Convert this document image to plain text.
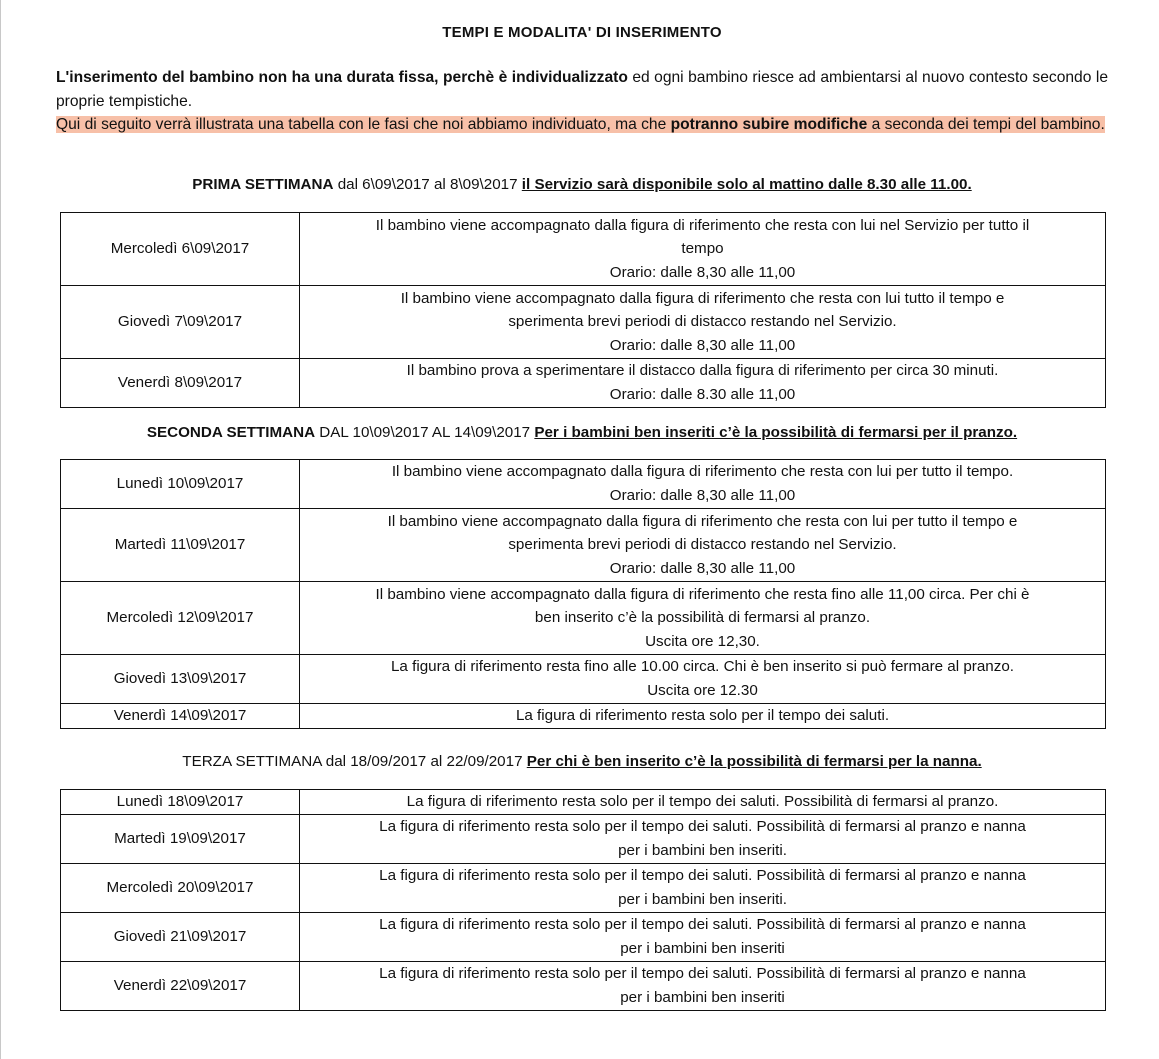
TEMPI E MODALITA' DI INSERIMENTO

L'inserimento del bambino non ha una durata fissa, perchè è individualizzato ed ogni bambino riesce ad ambientarsi al nuovo contesto secondo le proprie tempistiche.

Qui di seguito verrà illustrata una tabella con le fasi che noi abbiamo individuato, ma che potranno subire modifiche a seconda dei tempi del bambino.

PRIMA SETTIMANA dal 6\09\2017 al 8\09\2017 il Servizio sarà disponibile solo al mattino dalle 8.30 alle 11.00.
Mercoledì 6\09\2017	Il bambino viene accompagnato dalla figura di riferimento che resta con lui nel Servizio per tutto il
tempo
Orario: dalle 8,30 alle 11,00

Giovedì 7\09\2017	Il bambino viene accompagnato dalla figura di riferimento che resta con lui tutto il tempo e
sperimenta brevi periodi di distacco restando nel Servizio.
Orario: dalle 8,30 alle 11,00

Venerdì 8\09\2017	Il bambino prova a sperimentare il distacco dalla figura di riferimento per circa 30 minuti.
Orario: dalle 8.30 alle 11,00
SECONDA SETTIMANA DAL 10\09\2017 AL 14\09\2017 Per i bambini ben inseriti c’è la possibilità di fermarsi per il pranzo.
Lunedì 10\09\2017	Il bambino viene accompagnato dalla figura di riferimento che resta con lui per tutto il tempo.
Orario: dalle 8,30 alle 11,00

Martedì 11\09\2017	Il bambino viene accompagnato dalla figura di riferimento che resta con lui per tutto il tempo e
sperimenta brevi periodi di distacco restando nel Servizio.
Orario: dalle 8,30 alle 11,00

Mercoledì 12\09\2017	Il bambino viene accompagnato dalla figura di riferimento che resta fino alle 11,00 circa. Per chi è
ben inserito c’è la possibilità di fermarsi al pranzo.
Uscita ore 12,30.

Giovedì 13\09\2017	La figura di riferimento resta fino alle 10.00 circa. Chi è ben inserito si può fermare al pranzo.
Uscita ore 12.30

Venerdì 14\09\2017	La figura di riferimento resta solo per il tempo dei saluti.
TERZA SETTIMANA dal 18/09/2017 al 22/09/2017 Per chi è ben inserito c’è la possibilità di fermarsi per la nanna.
Lunedì 18\09\2017	La figura di riferimento resta solo per il tempo dei saluti. Possibilità di fermarsi al pranzo.

Martedì 19\09\2017	La figura di riferimento resta solo per il tempo dei saluti. Possibilità di fermarsi al pranzo e nanna
per i bambini ben inseriti.

Mercoledì 20\09\2017	La figura di riferimento resta solo per il tempo dei saluti. Possibilità di fermarsi al pranzo e nanna
per i bambini ben inseriti.

Giovedì 21\09\2017	La figura di riferimento resta solo per il tempo dei saluti. Possibilità di fermarsi al pranzo e nanna
per i bambini ben inseriti

Venerdì 22\09\2017	La figura di riferimento resta solo per il tempo dei saluti. Possibilità di fermarsi al pranzo e nanna
per i bambini ben inseriti
